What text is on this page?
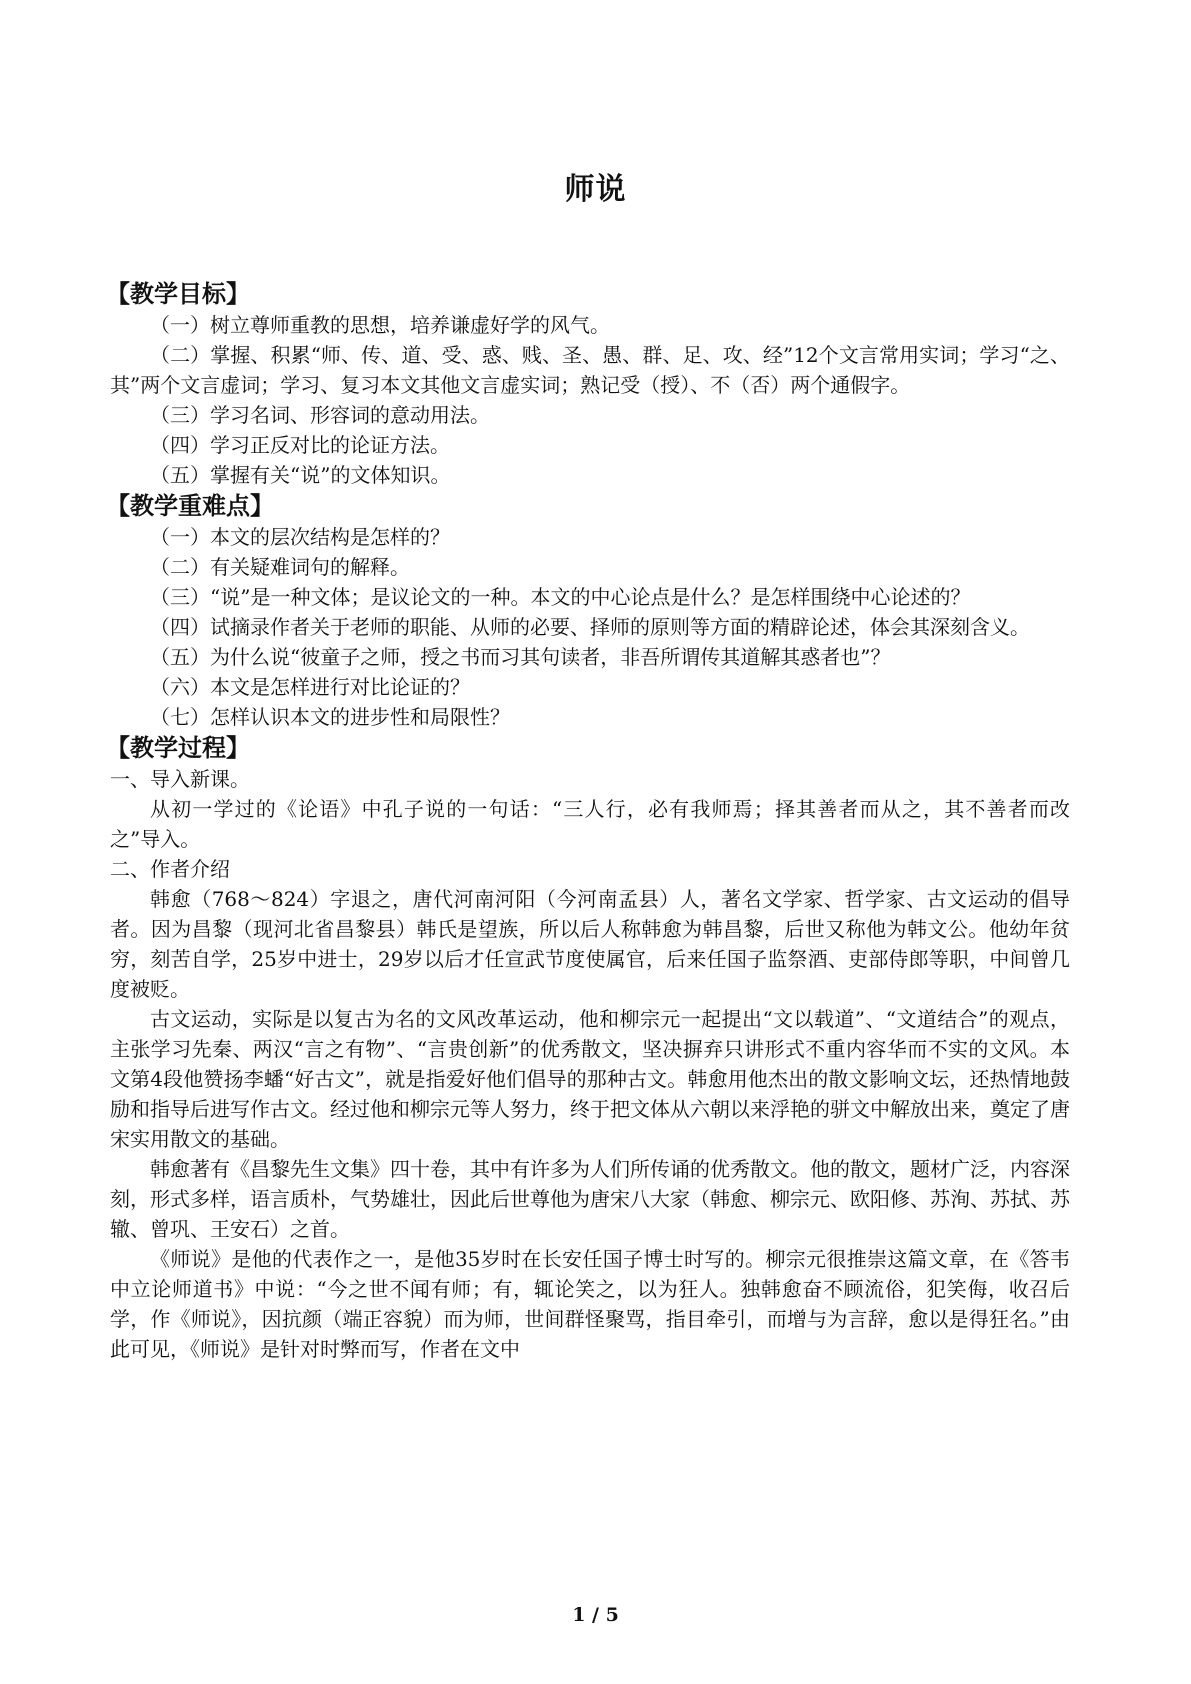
师说
【教学目标】

（一）树立尊师重教的思想，培养谦虚好学的风气。

（二）掌握、积累“师、传、道、受、惑、贱、圣、愚、群、足、攻、经”12个文言常用实词；学习“之、其”两个文言虚词；学习、复习本文其他文言虚实词；熟记受（授）、不（否）两个通假字。

（三）学习名词、形容词的意动用法。

（四）学习正反对比的论证方法。

（五）掌握有关“说”的文体知识。

【教学重难点】

（一）本文的层次结构是怎样的？

（二）有关疑难词句的解释。

（三）“说”是一种文体；是议论文的一种。本文的中心论点是什么？是怎样围绕中心论述的？

（四）试摘录作者关于老师的职能、从师的必要、择师的原则等方面的精辟论述，体会其深刻含义。

（五）为什么说“彼童子之师，授之书而习其句读者，非吾所谓传其道解其惑者也”？

（六）本文是怎样进行对比论证的？

（七）怎样认识本文的进步性和局限性？

【教学过程】

一、导入新课。

从初一学过的《论语》中孔子说的一句话：“三人行，必有我师焉；择其善者而从之，其不善者而改之”导入。

二、作者介绍

韩愈（768～824）字退之，唐代河南河阳（今河南孟县）人，著名文学家、哲学家、古文运动的倡导者。因为昌黎（现河北省昌黎县）韩氏是望族，所以后人称韩愈为韩昌黎，后世又称他为韩文公。他幼年贫穷，刻苦自学，25岁中进士，29岁以后才任宣武节度使属官，后来任国子监祭酒、吏部侍郎等职，中间曾几度被贬。

古文运动，实际是以复古为名的文风改革运动，他和柳宗元一起提出“文以载道”、“文道结合”的观点，主张学习先秦、两汉“言之有物”、“言贵创新”的优秀散文，坚决摒弃只讲形式不重内容华而不实的文风。本文第4段他赞扬李蟠“好古文”，就是指爱好他们倡导的那种古文。韩愈用他杰出的散文影响文坛，还热情地鼓励和指导后进写作古文。经过他和柳宗元等人努力，终于把文体从六朝以来浮艳的骈文中解放出来，奠定了唐宋实用散文的基础。

韩愈著有《昌黎先生文集》四十卷，其中有许多为人们所传诵的优秀散文。他的散文，题材广泛，内容深刻，形式多样，语言质朴，气势雄壮，因此后世尊他为唐宋八大家（韩愈、柳宗元、欧阳修、苏洵、苏拭、苏辙、曾巩、王安石）之首。

《师说》是他的代表作之一，是他35岁时在长安任国子博士时写的。柳宗元很推崇这篇文章，在《答韦中立论师道书》中说：“今之世不闻有师；有，辄论笑之，以为狂人。独韩愈奋不顾流俗，犯笑侮，收召后学，作《师说》，因抗颜（端正容貌）而为师，世间群怪聚骂，指目牵引，而增与为言辞，愈以是得狂名。”由此可见，《师说》是针对时弊而写，作者在文中

1 / 5
